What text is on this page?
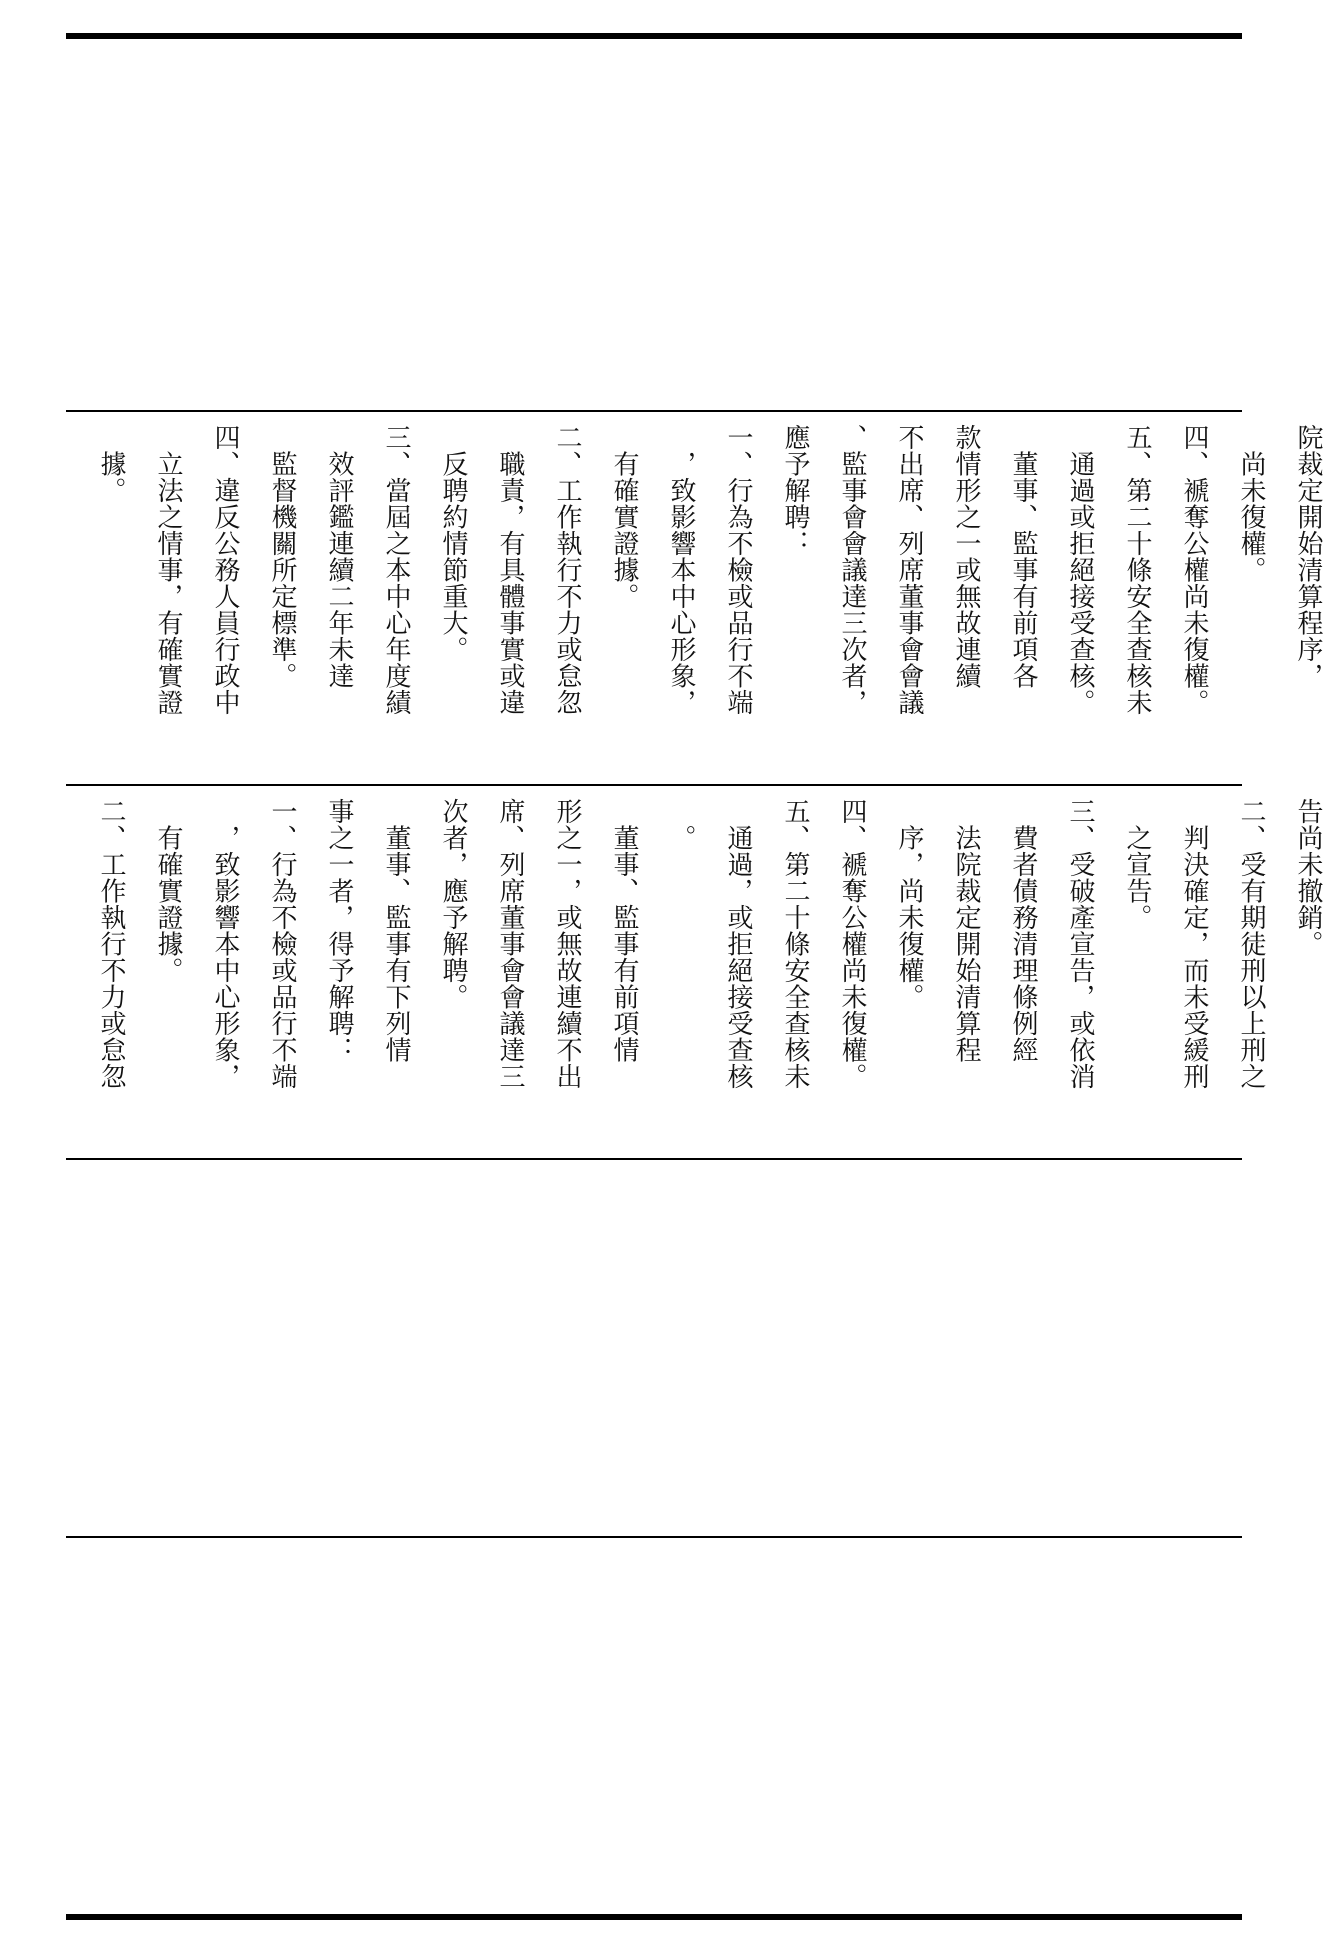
院裁定開始清算程序，
　尚未復權。
四、褫奪公權尚未復權。
五、第二十條安全查核未
　通過或拒絕接受查核。
　董事、監事有前項各
款情形之一或無故連續
不出席、列席董事會會議
、監事會會議達三次者，
應予解聘：
一、行為不檢或品行不端
　，致影響本中心形象，
　有確實證據。
二、工作執行不力或怠忽
　職責，有具體事實或違
　反聘約情節重大。
三、當屆之本中心年度績
　效評鑑連續二年未達
　監督機關所定標準。
四、違反公務人員行政中
　立法之情事，有確實證
　據。
告尚未撤銷。
二、受有期徒刑以上刑之
　判決確定，而未受緩刑
　之宣告。
三、受破產宣告，或依消
　費者債務清理條例經
　法院裁定開始清算程
　序，尚未復權。
四、褫奪公權尚未復權。
五、第二十條安全查核未
　通過，或拒絕接受查核
　。
　董事、監事有前項情
形之一，或無故連續不出
席、列席董事會會議達三
次者，應予解聘。
　董事、監事有下列情
事之一者，得予解聘：
一、行為不檢或品行不端
　，致影響本中心形象，
　有確實證據。
二、工作執行不力或怠忽
